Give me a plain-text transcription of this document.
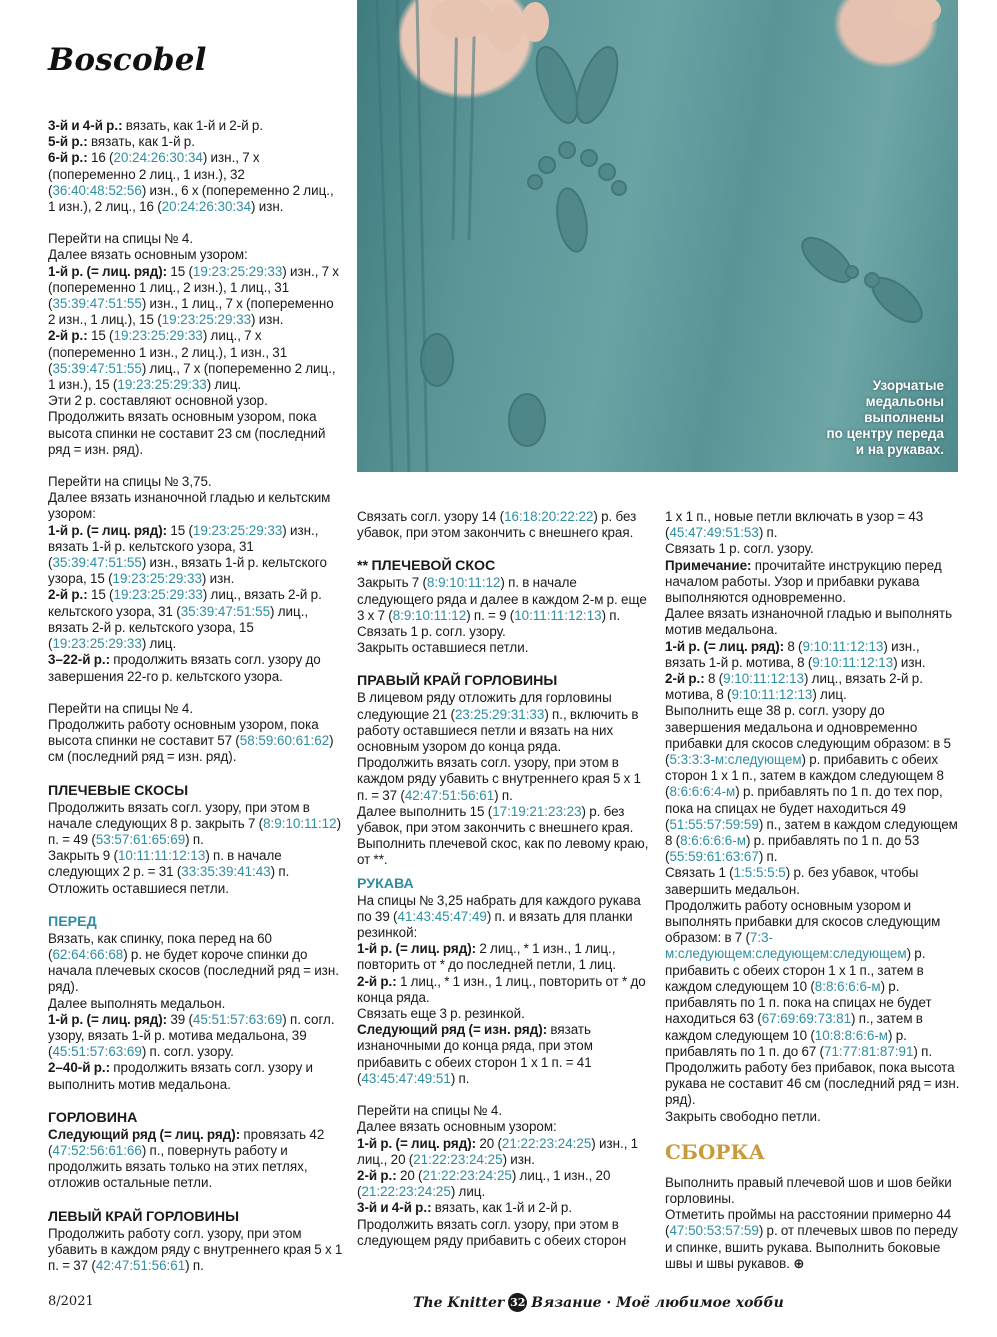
Boscobel
Узорчатые
медальоны
выполнены
по центру переда
и на рукавах.

3-й и 4-й р.: вязать, как 1-й и 2-й р.

5-й р.: вязать, как 1-й р.

6-й р.: 16 (20:24:26:30:34) изн., 7 х (попеременно 2 лиц., 1 изн.), 32 (36:40:48:52:56) изн., 6 х (попеременно 2 лиц., 1 изн.), 2 лиц., 16 (20:24:26:30:34) изн.

Перейти на спицы № 4.

Далее вязать основным узором:

1-й р. (= лиц. ряд): 15 (19:23:25:29:33) изн., 7 х (попеременно 1 лиц., 2 изн.), 1 лиц., 31 (35:39:47:51:55) изн., 1 лиц., 7 х (попеременно 2 изн., 1 лиц.), 15 (19:23:25:29:33) изн.

2-й р.: 15 (19:23:25:29:33) лиц., 7 х (попеременно 1 изн., 2 лиц.), 1 изн., 31 (35:39:47:51:55) лиц., 7 х (попеременно 2 лиц., 1 изн.), 15 (19:23:25:29:33) лиц.

Эти 2 р. составляют основной узор.

Продолжить вязать основным узором, пока высота спинки не составит 23 см (последний ряд = изн. ряд).

Перейти на спицы № 3,75.

Далее вязать изнаночной гладью и кельтским узором:

1-й р. (= лиц. ряд): 15 (19:23:25:29:33) изн., вязать 1-й р. кельтского узора, 31 (35:39:47:51:55) изн., вязать 1-й р. кельтского узора, 15 (19:23:25:29:33) изн.

2-й р.: 15 (19:23:25:29:33) лиц., вязать 2-й р. кельтского узора, 31 (35:39:47:51:55) лиц., вязать 2-й р. кельтского узора, 15 (19:23:25:29:33) лиц.

3–22-й р.: продолжить вязать согл. узору до завершения 22-го р. кельтского узора.

Перейти на спицы № 4.

Продолжить работу основным узором, пока высота спинки не составит 57 (58:59:60:61:62) см (последний ряд = изн. ряд).

ПЛЕЧЕВЫЕ СКОСЫ

Продолжить вязать согл. узору, при этом в начале следующих 8 р. закрыть 7 (8:9:10:11:12) п. = 49 (53:57:61:65:69) п.

Закрыть 9 (10:11:11:12:13) п. в начале следующих 2 р. = 31 (33:35:39:41:43) п.

Отложить оставшиеся петли.

ПЕРЕД

Вязать, как спинку, пока перед на 60 (62:64:66:68) р. не будет короче спинки до начала плечевых скосов (последний ряд = изн. ряд).

Далее выполнять медальон.

1-й р. (= лиц. ряд): 39 (45:51:57:63:69) п. согл. узору, вязать 1-й р. мотива медальона, 39 (45:51:57:63:69) п. согл. узору.

2–40-й р.: продолжить вязать согл. узору и выполнить мотив медальона.

ГОРЛОВИНА

Следующий ряд (= лиц. ряд): провязать 42 (47:52:56:61:66) п., повернуть работу и продолжить вязать только на этих петлях, отложив остальные петли.

ЛЕВЫЙ КРАЙ ГОРЛОВИНЫ

Продолжить работу согл. узору, при этом убавить в каждом ряду с внутреннего края 5 х 1 п. = 37 (42:47:51:56:61) п.

Связать согл. узору 14 (16:18:20:22:22) р. без убавок, при этом закончить с внешнего края.

** ПЛЕЧЕВОЙ СКОС

Закрыть 7 (8:9:10:11:12) п. в начале следующего ряда и далее в каждом 2-м р. еще 3 х 7 (8:9:10:11:12) п. = 9 (10:11:11:12:13) п.

Связать 1 р. согл. узору.

Закрыть оставшиеся петли.

ПРАВЫЙ КРАЙ ГОРЛОВИНЫ

В лицевом ряду отложить для горловины следующие 21 (23:25:29:31:33) п., включить в работу оставшиеся петли и вязать на них основным узором до конца ряда.

Продолжить вязать согл. узору, при этом в каждом ряду убавить с внутреннего края 5 х 1 п. = 37 (42:47:51:56:61) п.

Далее выполнить 15 (17:19:21:23:23) р. без убавок, при этом закончить с внешнего края.

Выполнить плечевой скос, как по левому краю, от **.

РУКАВА

На спицы № 3,25 набрать для каждого рукава по 39 (41:43:45:47:49) п. и вязать для планки резинкой:

1-й р. (= лиц. ряд): 2 лиц., * 1 изн., 1 лиц., повторить от * до последней петли, 1 лиц.

2-й р.: 1 лиц., * 1 изн., 1 лиц., повторить от * до конца ряда.

Связать еще 3 р. резинкой.

Следующий ряд (= изн. ряд): вязать изнаночными до конца ряда, при этом прибавить с обеих сторон 1 х 1 п. = 41 (43:45:47:49:51) п.

Перейти на спицы № 4.

Далее вязать основным узором:

1-й р. (= лиц. ряд): 20 (21:22:23:24:25) изн., 1 лиц., 20 (21:22:23:24:25) изн.

2-й р.: 20 (21:22:23:24:25) лиц., 1 изн., 20 (21:22:23:24:25) лиц.

3-й и 4-й р.: вязать, как 1-й и 2-й р.

Продолжить вязать согл. узору, при этом в следующем ряду прибавить с обеих сторон

1 х 1 п., новые петли включать в узор = 43 (45:47:49:51:53) п.

Связать 1 р. согл. узору.

Примечание: прочитайте инструкцию перед началом работы. Узор и прибавки рукава выполняются одновременно.

Далее вязать изнаночной гладью и выполнять мотив медальона.

1-й р. (= лиц. ряд): 8 (9:10:11:12:13) изн., вязать 1-й р. мотива, 8 (9:10:11:12:13) изн.

2-й р.: 8 (9:10:11:12:13) лиц., вязать 2-й р. мотива, 8 (9:10:11:12:13) лиц.

Выполнить еще 38 р. согл. узору до завершения медальона и одновременно прибавки для скосов следующим образом: в 5 (5:3:3:3-м:следующем) р. прибавить с обеих сторон 1 х 1 п., затем в каждом следующем 8 (8:6:6:6:4-м) р. прибавлять по 1 п. до тех пор, пока на спицах не будет находиться 49 (51:55:57:59:59) п., затем в каждом следующем 8 (8:6:6:6:6-м) р. прибавлять по 1 п. до 53 (55:59:61:63:67) п.

Связать 1 (1:5:5:5:5) р. без убавок, чтобы завершить медальон.

Продолжить работу основным узором и выполнять прибавки для скосов следующим образом: в 7 (7:3-м:следующем:следующем:следующем) р. прибавить с обеих сторон 1 х 1 п., затем в каждом следующем 10 (8:8:6:6:6-м) р. прибавлять по 1 п. пока на спицах не будет находиться 63 (67:69:69:73:81) п., затем в каждом следующем 10 (10:8:8:6:6-м) р. прибавлять по 1 п. до 67 (71:77:81:87:91) п.

Продолжить работу без прибавок, пока высота рукава не составит 46 см (последний ряд = изн. ряд).

Закрыть свободно петли.

СБОРКА

Выполнить правый плечевой шов и шов бейки горловины.

Отметить проймы на расстоянии примерно 44 (47:50:53:57:59) р. от плечевых швов по переду и спинке, вшить рукава. Выполнить боковые швы и швы рукавов. ⊕

8/2021	The Knitter 32 Вязание · Моё любимое хобби
